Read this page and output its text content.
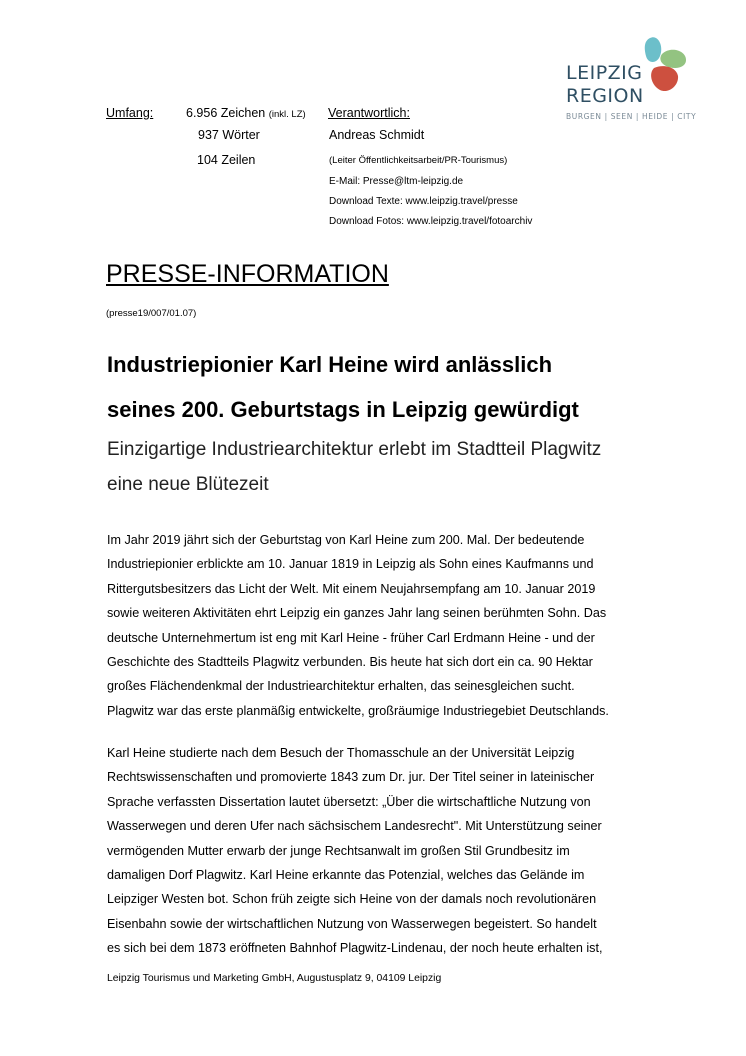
LEIPZIG
REGION
BURGEN | SEEN | HEIDE | CITY
Umfang:	6.956 Zeichen (inkl. LZ) Verantwortlich:
937 Wörter	Andreas Schmidt
104 Zeilen	(Leiter Öffentlichkeitsarbeit/PR-Tourismus)
E-Mail: Presse@ltm-leipzig.de
Download Texte: www.leipzig.travel/presse
Download Fotos: www.leipzig.travel/fotoarchiv
PRESSE-INFORMATION
(presse19/007/01.07)
Industriepionier Karl Heine wird anlässlich
seines 200. Geburtstags in Leipzig gewürdigt
Einzigartige Industriearchitektur erlebt im Stadtteil Plagwitz
eine neue Blütezeit
Im Jahr 2019 jährt sich der Geburtstag von Karl Heine zum 200. Mal. Der bedeutende
Industriepionier erblickte am 10. Januar 1819 in Leipzig als Sohn eines Kaufmanns und
Rittergutsbesitzers das Licht der Welt. Mit einem Neujahrsempfang am 10. Januar 2019
sowie weiteren Aktivitäten ehrt Leipzig ein ganzes Jahr lang seinen berühmten Sohn. Das
deutsche Unternehmertum ist eng mit Karl Heine - früher Carl Erdmann Heine - und der
Geschichte des Stadtteils Plagwitz verbunden. Bis heute hat sich dort ein ca. 90 Hektar
großes Flächendenkmal der Industriearchitektur erhalten, das seinesgleichen sucht.
Plagwitz war das erste planmäßig entwickelte, großräumige Industriegebiet Deutschlands.
Karl Heine studierte nach dem Besuch der Thomasschule an der Universität Leipzig
Rechtswissenschaften und promovierte 1843 zum Dr. jur. Der Titel seiner in lateinischer
Sprache verfassten Dissertation lautet übersetzt: „Über die wirtschaftliche Nutzung von
Wasserwegen und deren Ufer nach sächsischem Landesrecht". Mit Unterstützung seiner
vermögenden Mutter erwarb der junge Rechtsanwalt im großen Stil Grundbesitz im
damaligen Dorf Plagwitz. Karl Heine erkannte das Potenzial, welches das Gelände im
Leipziger Westen bot. Schon früh zeigte sich Heine von der damals noch revolutionären
Eisenbahn sowie der wirtschaftlichen Nutzung von Wasserwegen begeistert. So handelt
es sich bei dem 1873 eröffneten Bahnhof Plagwitz-Lindenau, der noch heute erhalten ist,
Leipzig Tourismus und Marketing GmbH, Augustusplatz 9, 04109 Leipzig
